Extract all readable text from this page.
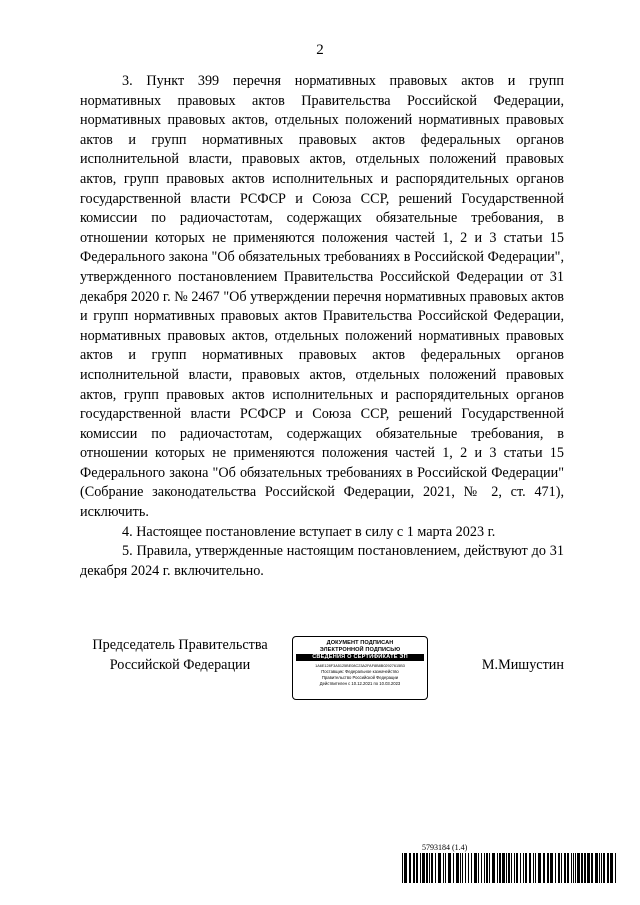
2

3. Пункт 399 перечня нормативных правовых актов и групп нормативных правовых актов Правительства Российской Федерации, нормативных правовых актов, отдельных положений нормативных правовых актов и групп нормативных правовых актов федеральных органов исполнительной власти, правовых актов, отдельных положений правовых актов, групп правовых актов исполнительных и распорядительных органов государственной власти РСФСР и Союза ССР, решений Государственной комиссии по радиочастотам, содержащих обязательные требования, в отношении которых не применяются положения частей 1, 2 и 3 статьи 15 Федерального закона "Об обязательных требованиях в Российской Федерации", утвержденного постановлением Правительства Российской Федерации от 31 декабря 2020 г. № 2467 "Об утверждении перечня нормативных правовых актов и групп нормативных правовых актов Правительства Российской Федерации, нормативных правовых актов, отдельных положений нормативных правовых актов и групп нормативных правовых актов федеральных органов исполнительной власти, правовых актов, отдельных положений правовых актов, групп правовых актов исполнительных и распорядительных органов государственной власти РСФСР и Союза ССР, решений Государственной комиссии по радиочастотам, содержащих обязательные требования, в отношении которых не применяются положения частей 1, 2 и 3 статьи 15 Федерального закона "Об обязательных требованиях в Российской Федерации" (Собрание законодательства Российской Федерации, 2021, № 2, ст. 471), исключить.

4. Настоящее постановление вступает в силу с 1 марта 2023 г.

5. Правила, утвержденные настоящим постановлением, действуют до 31 декабря 2024 г. включительно.

Председатель Правительства
Российской Федерации
ДОКУМЕНТ ПОДПИСАН
ЭЛЕКТРОННОЙ ПОДПИСЬЮ
СВЕДЕНИЯ О СЕРТИФИКАТЕ ЭП
1A6E128F3A5125BE08C23A2FAF8B8B02927615B3
Поставщик: Федеральное казначейство
Правительство Российской Федерации
Действителен с 10.12.2021 по 10.03.2023
М.Мишустин
5793184 (1.4)
